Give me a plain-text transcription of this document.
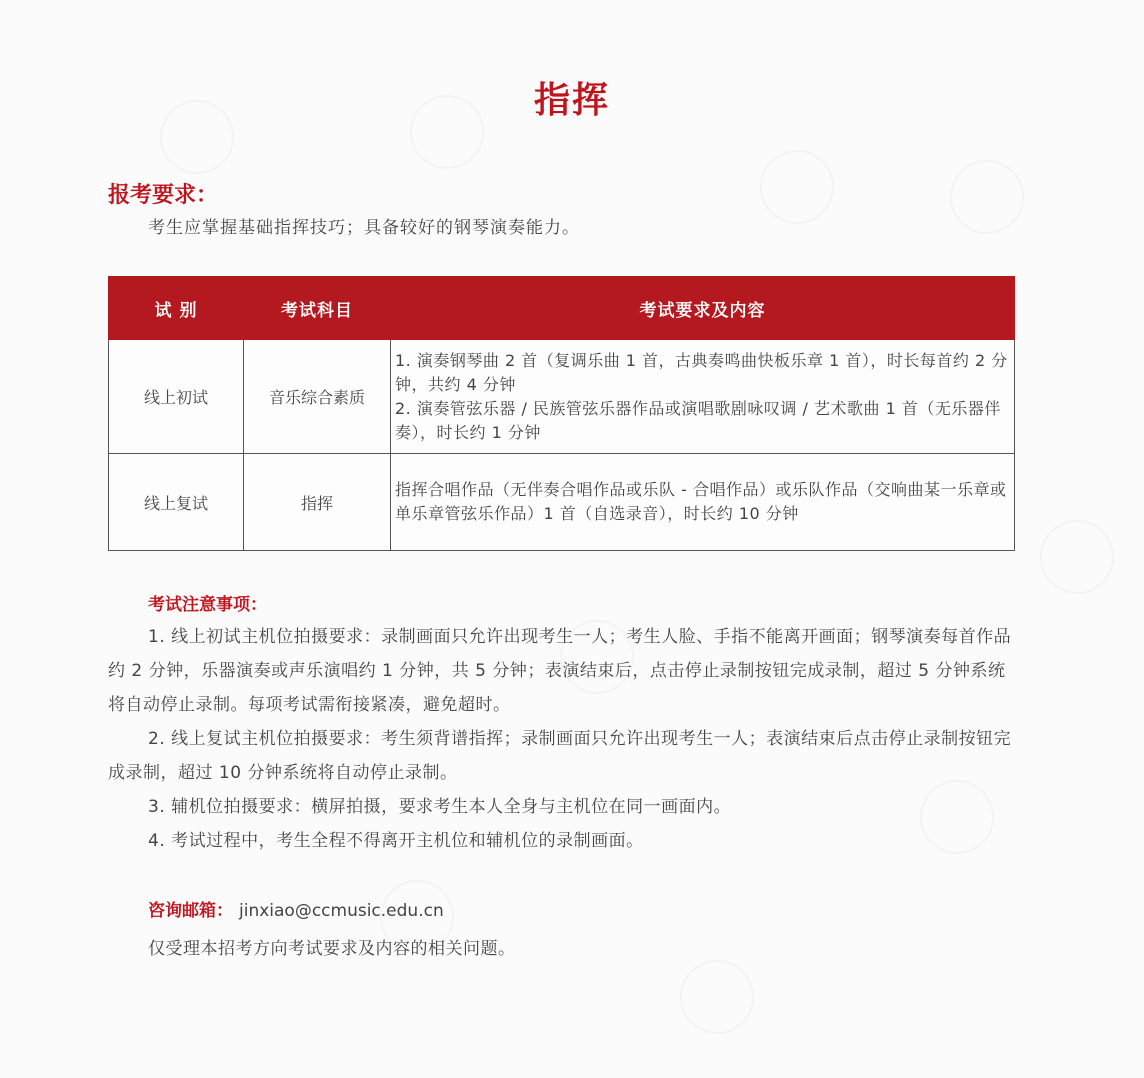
指挥
报考要求：
考生应掌握基础指挥技巧；具备较好的钢琴演奏能力。
试 别	考试科目	考试要求及内容
线上初试	音乐综合素质	1. 演奏钢琴曲 2 首（复调乐曲 1 首，古典奏鸣曲快板乐章 1 首），时长每首约 2 分钟，共约 4 分钟
2. 演奏管弦乐器 / 民族管弦乐器作品或演唱歌剧咏叹调 / 艺术歌曲 1 首（无乐器伴奏），时长约 1 分钟

线上复试	指挥	指挥合唱作品（无伴奏合唱作品或乐队 - 合唱作品）或乐队作品（交响曲某一乐章或单乐章管弦乐作品）1 首（自选录音），时长约 10 分钟
考试注意事项：

1. 线上初试主机位拍摄要求：录制画面只允许出现考生一人；考生人脸、手指不能离开画面；钢琴演奏每首作品约 2 分钟，乐器演奏或声乐演唱约 1 分钟，共 5 分钟；表演结束后，点击停止录制按钮完成录制，超过 5 分钟系统将自动停止录制。每项考试需衔接紧凑，避免超时。

2. 线上复试主机位拍摄要求：考生须背谱指挥；录制画面只允许出现考生一人；表演结束后点击停止录制按钮完成录制，超过 10 分钟系统将自动停止录制。

3. 辅机位拍摄要求：横屏拍摄，要求考生本人全身与主机位在同一画面内。

4. 考试过程中，考生全程不得离开主机位和辅机位的录制画面。

咨询邮箱： jinxiao@ccmusic.edu.cn
仅受理本招考方向考试要求及内容的相关问题。
